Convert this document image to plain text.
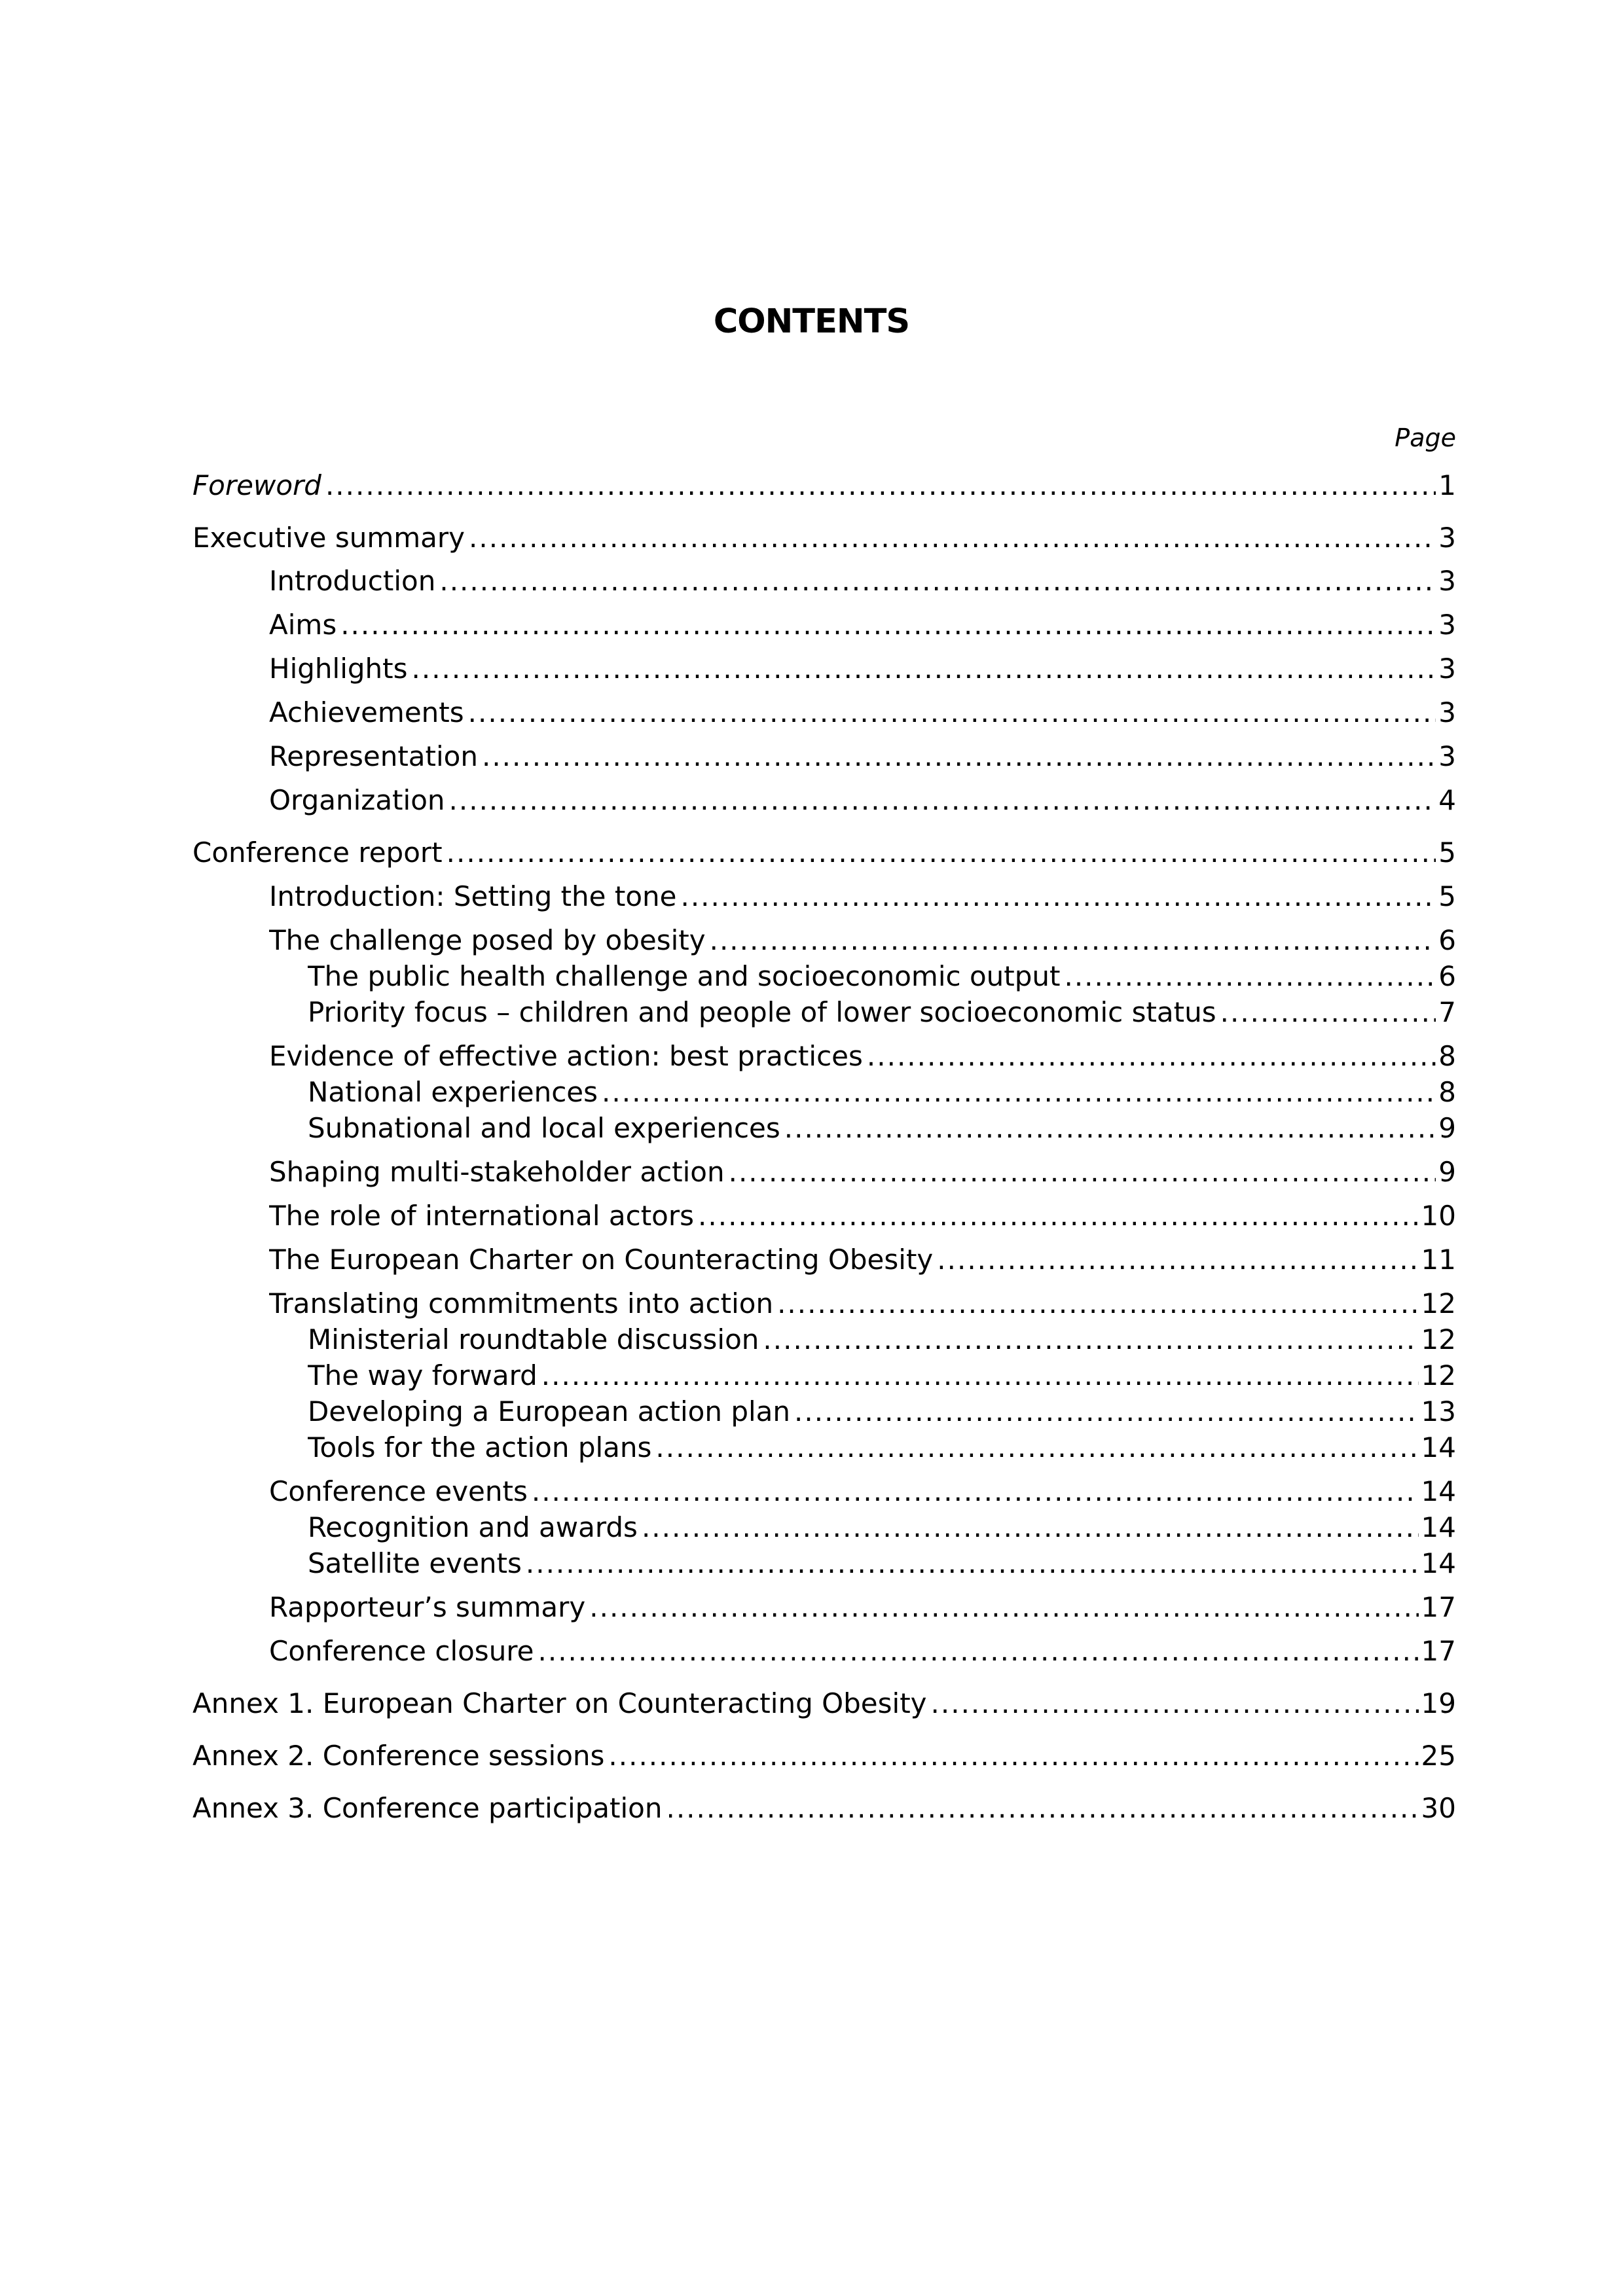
CONTENTS
Page
Foreword .....	1
Executive summary .....	3
Introduction .....	3
Aims .....	3
Highlights .....	3
Achievements .....	3
Representation .....	3
Organization .....	4
Conference report .....	5
Introduction: Setting the tone .....	5
The challenge posed by obesity .....	6
The public health challenge and socioeconomic output .....	6
Priority focus – children and people of lower socioeconomic status .....	7
Evidence of effective action: best practices .....	8
National experiences .....	8
Subnational and local experiences .....	9
Shaping multi-stakeholder action .....	9
The role of international actors .....	10
The European Charter on Counteracting Obesity .....	11
Translating commitments into action .....	12
Ministerial roundtable discussion .....	12
The way forward .....	12
Developing a European action plan .....	13
Tools for the action plans .....	14
Conference events .....	14
Recognition and awards .....	14
Satellite events .....	14
Rapporteur’s summary .....	17
Conference closure .....	17
Annex 1. European Charter on Counteracting Obesity .....	19
Annex 2. Conference sessions .....	25
Annex 3. Conference participation .....	30
